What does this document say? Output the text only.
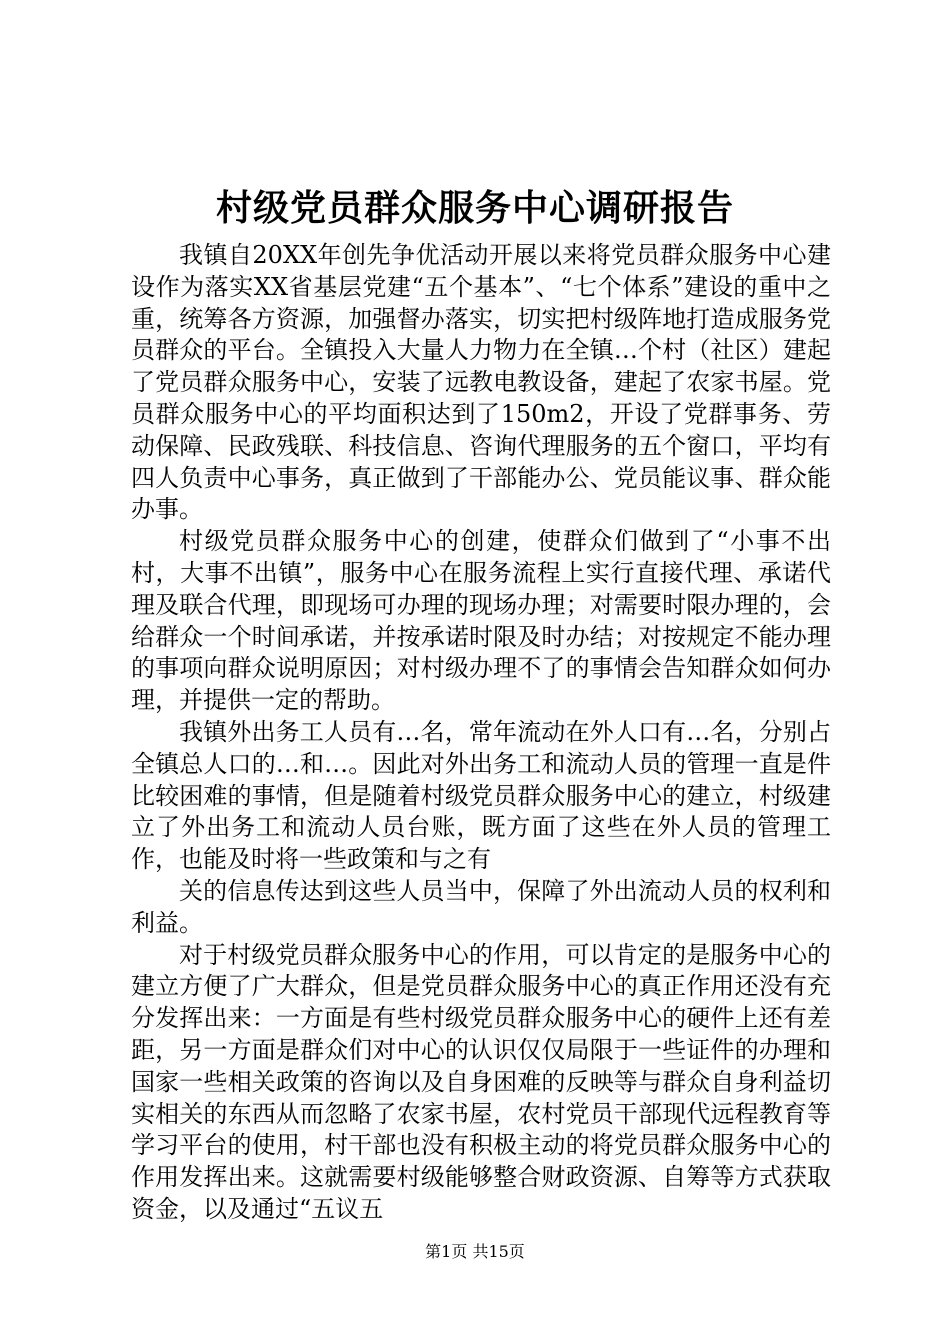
村级党员群众服务中心调研报告

我镇自20XX年创先争优活动开展以来将党员群众服务中心建设作为落实XX省基层党建“五个基本”、“七个体系”建设的重中之重，统筹各方资源，加强督办落实，切实把村级阵地打造成服务党员群众的平台。全镇投入大量人力物力在全镇…个村（社区）建起了党员群众服务中心，安装了远教电教设备，建起了农家书屋。党员群众服务中心的平均面积达到了150m2，开设了党群事务、劳动保障、民政残联、科技信息、咨询代理服务的五个窗口，平均有四人负责中心事务，真正做到了干部能办公、党员能议事、群众能办事。

村级党员群众服务中心的创建，使群众们做到了“小事不出村，大事不出镇”，服务中心在服务流程上实行直接代理、承诺代理及联合代理，即现场可办理的现场办理；对需要时限办理的，会给群众一个时间承诺，并按承诺时限及时办结；对按规定不能办理的事项向群众说明原因；对村级办理不了的事情会告知群众如何办理，并提供一定的帮助。

我镇外出务工人员有…名，常年流动在外人口有…名，分别占全镇总人口的…和…。因此对外出务工和流动人员的管理一直是件比较困难的事情，但是随着村级党员群众服务中心的建立，村级建立了外出务工和流动人员台账，既方面了这些在外人员的管理工作，也能及时将一些政策和与之有

关的信息传达到这些人员当中，保障了外出流动人员的权利和利益。

对于村级党员群众服务中心的作用，可以肯定的是服务中心的建立方便了广大群众，但是党员群众服务中心的真正作用还没有充分发挥出来：一方面是有些村级党员群众服务中心的硬件上还有差距，另一方面是群众们对中心的认识仅仅局限于一些证件的办理和国家一些相关政策的咨询以及自身困难的反映等与群众自身利益切实相关的东西从而忽略了农家书屋，农村党员干部现代远程教育等学习平台的使用，村干部也没有积极主动的将党员群众服务中心的作用发挥出来。这就需要村级能够整合财政资源、自筹等方式获取资金，以及通过“五议五

第1页 共15页
